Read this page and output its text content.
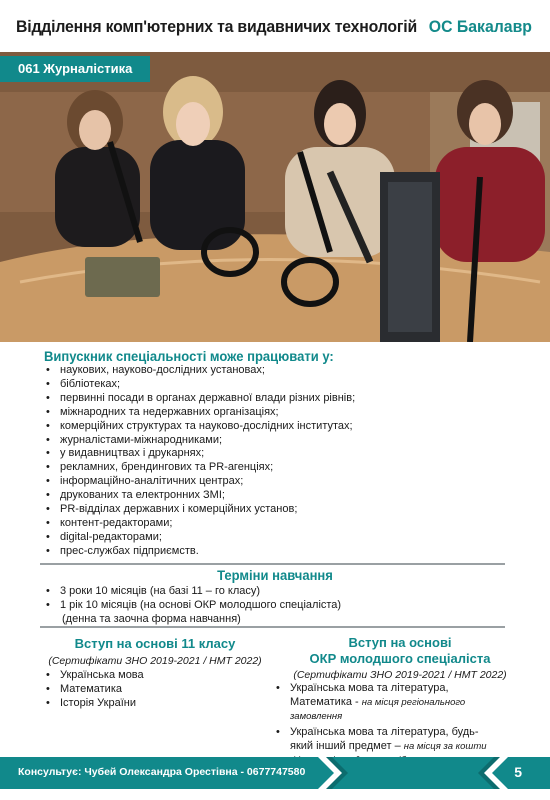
Відділення комп'ютерних та видавничих технологій ОС Бакалавр
061 Журналістика
Випускник спеціальності може працювати у:
• наукових, науково-дослідних установах;
• бібліотеках;
• первинні посади в органах державної влади різних рівнів;
• міжнародних та недержавних організаціях;
• комерційних структурах та науково-дослідних інститутах;
• журналістами-міжнародниками;
• у видавництвах і друкарнях;
• рекламних, брендингових та PR-агенціях;
• інформаційно-аналітичних центрах;
• друкованих та електронних ЗМІ;
• PR-відділах державних і комерційних установ;
• контент-редакторами;
• digital-редакторами;
• прес-службах підприємств.
Терміни навчання
• 3 роки 10 місяців (на базі 11 – го класу)
• 1 рік 10 місяців (на основі ОКР молодшого спеціаліста)
(денна та заочна форма навчання)
Вступ на основі 11 класу
(Сертифікати ЗНО 2019-2021 / НМТ 2022)
• Українська мова
• Математика
• Історія України
Вступ на основі
ОКР молодшого спеціаліста
(Сертифікати ЗНО 2019-2021 / НМТ 2022)
• Українська мова та література,
Математика - на місця регіонального
замовлення
• Українська мова та література, будь-
який інший предмет – на місця за кошти

Консультує: Чубей Олександра Орестівна - 0677747580	5
